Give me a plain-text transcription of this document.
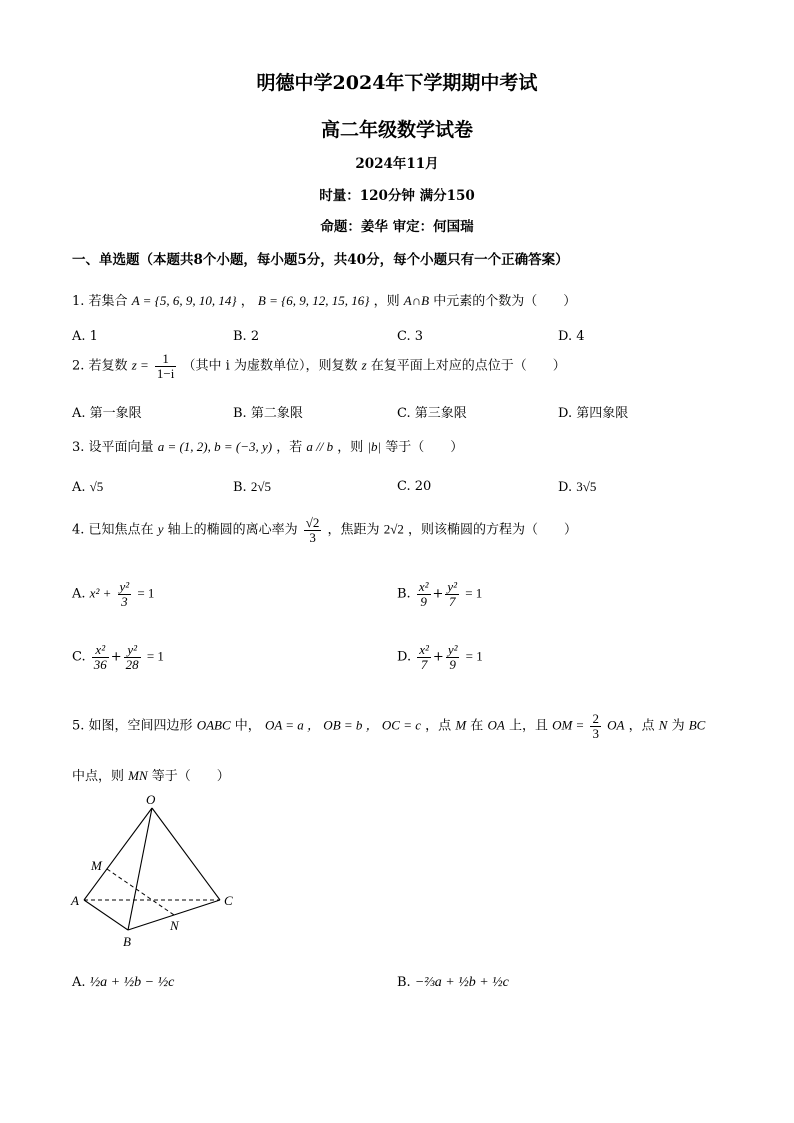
明德中学2024年下学期期中考试
高二年级数学试卷
2024年11月
时量：120分钟 满分150
命题：姜华 审定：何国瑞
一、单选题（本题共8个小题，每小题5分，共40分，每个小题只有一个正确答案）
1. 若集合 A = {5, 6, 9, 10, 14} ， B = {6, 9, 12, 15, 16} ，则 A∩B 中元素的个数为（　　）
A. 1	B. 2	C. 3	D. 4
2. 若复数 $z = \frac{1}{1-i}$ （其中 i 为虚数单位），则复数 z 在复平面上对应的点位于（　　）
A. 第一象限	B. 第二象限	C. 第三象限	D. 第四象限
3. 设平面向量 a = (1, 2), b = (−3, y) ，若 a // b ，则 |b| 等于（　　）
A. √5	B. 2√5	C. 20	D. 3√5
4. 已知焦点在 y 轴上的椭圆的离心率为 $\frac{√2}{3}$ ，焦距为 2√2 ，则该椭圆的方程为（　　）
A. $x^2 + \frac{\text{y²}}{3} = 1$	B. $\frac{\text{x²}}{9} + \frac{\text{y²}}{7} = 1$
C. $\frac{\text{x²}}{36} + \frac{\text{y²}}{28} = 1$	D. $\frac{\text{x²}}{7} + \frac{\text{y²}}{9} = 1$
5. 如图，空间四边形 OABC 中， OA = a ， OB = b ， OC = c ，点 M 在 OA 上，且 OM = $\frac{2}{3}$ OA ，点 N 为 BC
中点，则 MN 等于（　　）
O
M
A
B
C
N
A. ½a + ½b − ½c	B. −⅔a + ½b + ½c
